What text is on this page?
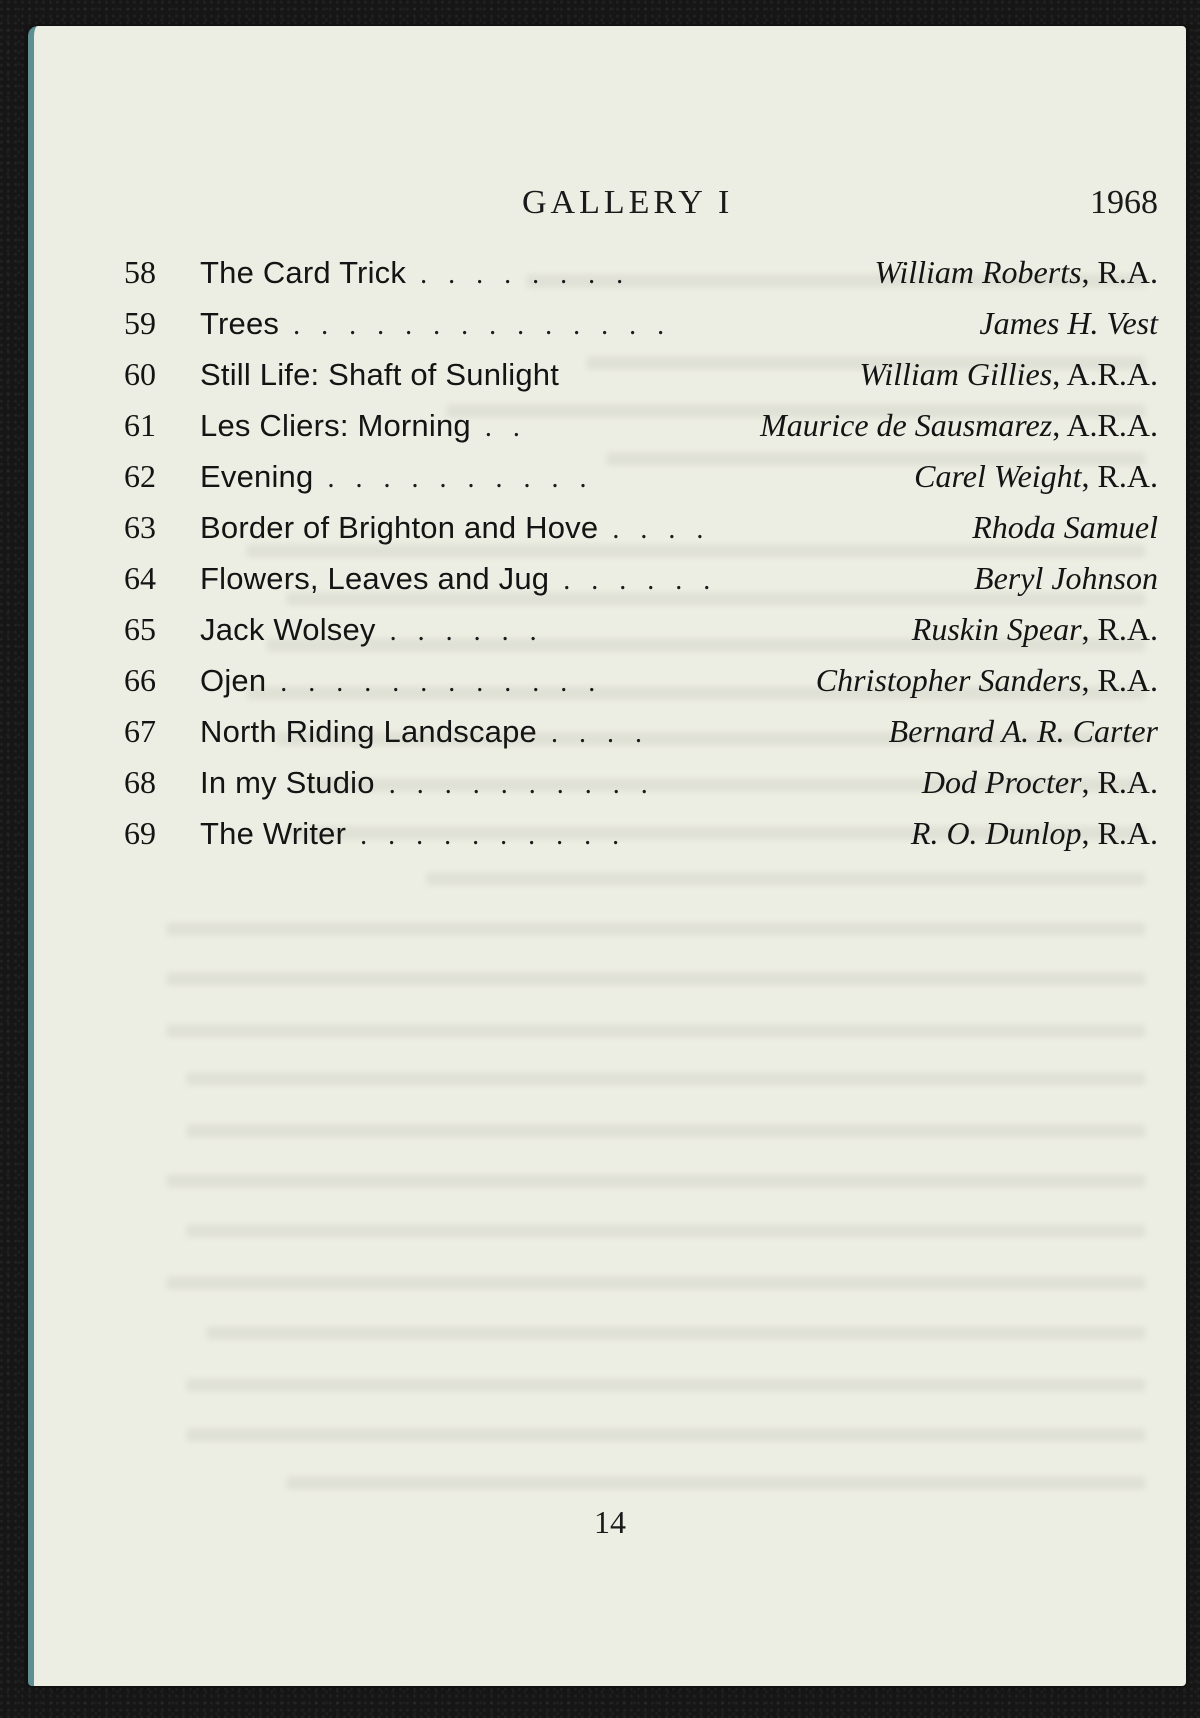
GALLERY I	1968
58	The Card Trick . . . . . . . .	William Roberts, R.A.
59	Trees . . . . . . . . . . . . . .	James H. Vest
60	Still Life: Shaft of Sunlight	William Gillies, A.R.A.
61	Les Cliers: Morning . .	Maurice de Sausmarez, A.R.A.
62	Evening . . . . . . . . . .	Carel Weight, R.A.
63	Border of Brighton and Hove . . . .	Rhoda Samuel
64	Flowers, Leaves and Jug . . . . . .	Beryl Johnson
65	Jack Wolsey . . . . . .	Ruskin Spear, R.A.
66	Ojen . . . . . . . . . . . .	Christopher Sanders, R.A.
67	North Riding Landscape . . . .	Bernard A. R. Carter
68	In my Studio . . . . . . . . . .	Dod Procter, R.A.
69	The Writer . . . . . . . . . .	R. O. Dunlop, R.A.
14
